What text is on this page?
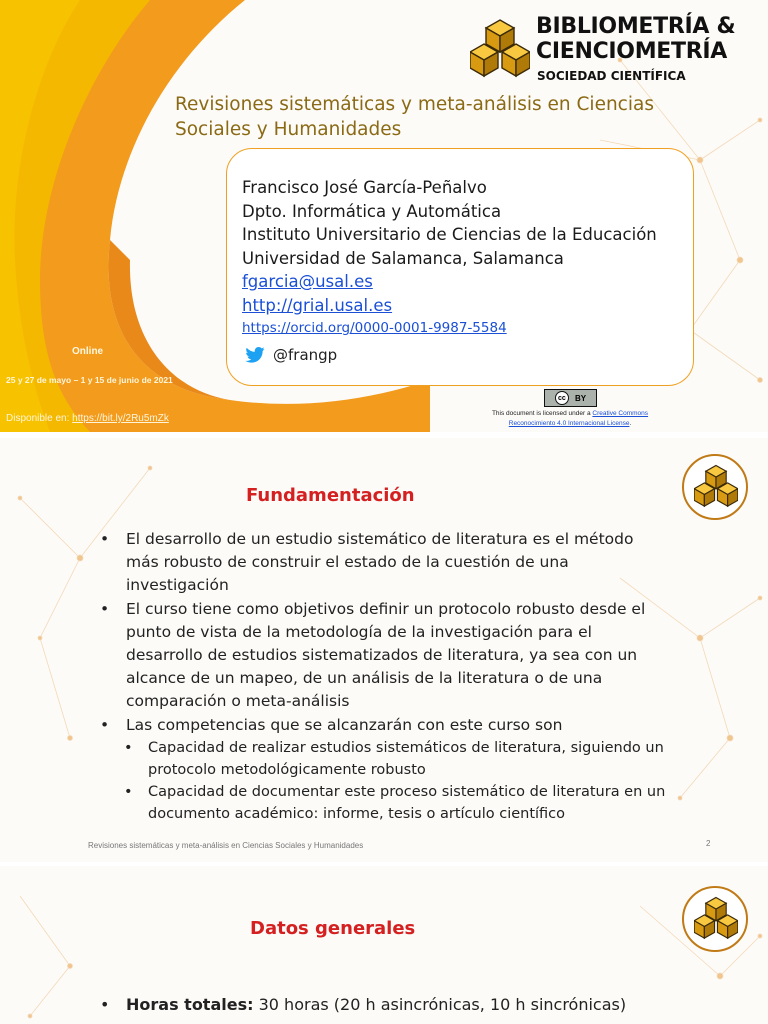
BIBLIOMETRÍA &
CIENCIOMETRÍA
SOCIEDAD CIENTÍFICA
Revisiones sistemáticas y meta-análisis en Ciencias Sociales y Humanidades
Francisco José García-Peñalvo
Dpto. Informática y Automática
Instituto Universitario de Ciencias de la Educación
Universidad de Salamanca, Salamanca
fgarcia@usal.es
http://grial.usal.es
https://orcid.org/0000-0001-9987-5584
@frangp
Online
25 y 27 de mayo – 1 y 15 de junio de 2021
Disponible en: https://bit.ly/2Ru5mZk
cc	BY
This document is licensed under a Creative Commons
Reconocimiento 4.0 Internacional License.
Fundamentación
• El desarrollo de un estudio sistemático de literatura es el método más robusto de construir el estado de la cuestión de una investigación
• El curso tiene como objetivos definir un protocolo robusto desde el punto de vista de la metodología de la investigación para el desarrollo de estudios sistematizados de literatura, ya sea con un alcance de un mapeo, de un análisis de la literatura o de una comparación o meta-análisis
• Las competencias que se alcanzarán con este curso son
• Capacidad de realizar estudios sistemáticos de literatura, siguiendo un protocolo metodológicamente robusto
• Capacidad de documentar este proceso sistemático de literatura en un documento académico: informe, tesis o artículo científico
Revisiones sistemáticas y meta-análisis en Ciencias Sociales y Humanidades	2
Datos generales
• Horas totales: 30 horas (20 h asincrónicas, 10 h sincrónicas)
